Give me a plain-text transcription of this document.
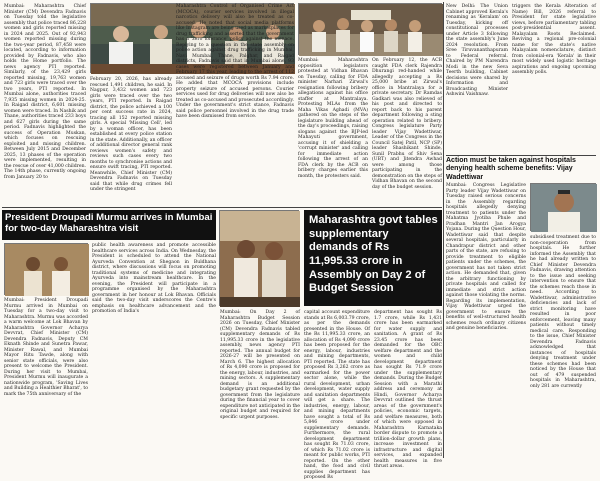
Mumbai: Maharashtra Chief Minister (CM) Devendra Fadnavis on Tuesday told the legislative assembly that police traced 86,228 women and girls reported missing in 2024 and 2025. Out of 92,943 women reported missing during the two-year period, 87,458 were located, according to information provided by Fadnavis, who also holds the Home portfolio. The news agency PTI reported. Similarly, of the 23,429 girls reported missing, 19,763 women and 723 girls were traced over the two years, PTI reported. In Mumbai alone, authorities traced 7,935 missing women in 2024-25. In Raigad district, 6,601 missing women were traced. In Nashik and Thane, authorities traced 233 boys and 627 girls during the same period. Fadnavis highlighted the success of Operation Muskan, which focuses on rescuing exploited and missing children. Between July 2015 and December 2025, 13 phases of the operation were implemented, resulting in the rescue of over 41,000 children. The 14th phase, currently ongoing from January 20 to

February 20, 2026, has already rescued 1,491 children, he said. In Nagpur, 3,432 women and 723 girls were traced over the two years, PTI reported. In Raigad district, the police achieved a 100 per cent success rate in 2024, tracing all 152 reported missing girls. A special 'Missing Cell', led by a woman officer, has been established at every police station in the state. Additionally, an officer of additional director general rank reviews women's safety and reviews such cases every two months to synchronise actions and ensure swift tracing, PTI reported. Meanwhile, Chief Minister (CM) Devendra Fadnavis on Tuesday said that while drug crimes fell under the stringent

Maharashtra Control of Organised Crime Act (MCOCA), courier services involved in illegal narcotics delivery will also be treated as co-accused. He noted that social media platforms like Instagram are being used as marketplaces for drug trafficking and asserted that the government has a 'zero tolerance' policy against the menace. Replying to a question in the state assembly on police action against drug trafficking in Mumbai, Navi Mumbai, Thane, Palghar, and Raigad districts, Fadnavis said that in Mumbai alone, 93 cases were registered between January and February 17 this year, leading to the arrest of 112 accused and seizure of drugs worth Rs 7.94 crore. He added that MCOCA provisions include property seizure of accused persons. Courier services used for drug deliveries will now also be treated as co-accused and prosecuted accordingly. Under the government's strict stance, Fadnavis said police personnel involved in the drug trade have been dismissed from service.

Mumbai: Maharashtra opposition legislators protested at Vidhan Bhavan on Tuesday, calling for FDA minister Narhari Zirwal's resignation following bribery allegations against his office staffer at Mantralaya. Protesting MLAs from the Maha Vikas Aghadi (MVA) gathered on the steps of the legislature building ahead of the day's proceedings, raising slogans against the BJP-led Mahayuti government, accusing it of shielding a 'corrupt minister' and calling for immediate action following the arrest of an FDA clerk by the ACB on bribery charges earlier this month, the protesters said.

On February 12, the ACB caught FDA clerk Rajendra Dhurangi red-handed while allegedly accepting a Rs 25,000 bribe at Zirwal's office in Mantralaya for a private secretary. Dr Ramdas Gadkari was also relieved of his post and directed to report back to his parent department following a sting operation related to bribery. Congress legislature Party leader Vijay Wadettiwar, Leader of the Congress in the Council Satej Patil, NCP (SP) leader Shashikant Shinde, Sunil Prabhu of Shiv Sena (UBT) and Jitendra Awhad were among those participating in the demonstration on the steps of Vidhan Bhavan on the second day of the budget session.

New Delhi: The Union Cabinet approved Kerala's renaming as 'Keralam' on Tuesday, kicking off constitutional processes under Article 3 following the state assembly's June 2024 resolution. From Sree Tiruvananthapuram to Federal referral. Chaired by PM Narendra Modi in the new Seva Teerth building, Cabinet decisions were shared by Information and Broadcasting Minister Ashwini Vaishnaw.

triggers the Kerala Alteration of Name) Bill, 2026 referral to President for state legislative views, before parliamentary tabling post-presidential assent. Malayalam Roots Reclaimed. Reviving a regional pre-colonial name for the state's native Malayalam nomenclature, distinct from colonial-era 'Kerala' in their most widely used logistic heritage aspirations and ongoing upcoming assembly polls.

Action must be taken against hospitals denying health scheme benefits: Vijay Wadettiwar

Mumbai: Congress Legislative Party leader Vijay Wadettiwar on Tuesday raised serious concerns in the Assembly regarding hospitals allegedly denying treatment to patients under the Mahatma Jyotiba Phule and Pradhan Mantri Jan Arogya Yojana. During the Question Hour, Wadettiwar said that despite several hospitals, particularly in Chandrapur district and other parts of the state, are refusing to provide treatment to eligible patients under the schemes, the government has not taken strict action. He demanded that, given the arbitrary functioning by private hospitals and called for immediate and strict action against those violating the norms. Regarding its implementation, Vijay Wadettiwar urged the government to ensure the benefits of well-structured health schemes reach ordinary citizens and genuine beneficiaries.

subsidised treatment due to non-cooperation from hospitals. He further informed the Assembly that he had already written to Chief Minister Devendra Fadnavis, drawing attention to the issue and seeking intervention to ensure that the schemes reach those in need. According to Wadettiwar, administrative deficiencies and lack of strict monitoring have resulted in poor enforcement, leaving many patients without timely medical care. Responding to the issue, Chief Minister Devendra Fadnavis acknowledged that instances of hospitals denying treatment under these schemes had been noticed by the House that out of 479 suspended hospitals in Maharashtra, only 281 are currently

President Droupadi Murmu arrives in Mumbai for two-day Maharashtra visit
Maharashtra govt tables supplementary demands of Rs 11,995.33 crore in Assembly on Day 2 of Budget Session

Mumbai: President Droupadi Murmu arrived in Mumbai on Tuesday for a two-day visit to Maharashtra. Murmu was accorded a warm welcome at Lok Bhavan by Maharashtra Governor Acharya Devvrat, Chief Minister (CM) Devendra Fadnavis, Deputy CM Eknath Shinde and Sunetra Pawar, Minister Rawal, and Mumbai Mayor Ritu Tawde, along with senior state officials, were also present to welcome the President. During her visit to Mumbai, President Murmu will inaugurate a nationwide program, 'Saving Lives and Building a Healthier Bharat', to mark the 75th anniversary of the

public health awareness and promote accessible healthcare services across India. On Wednesday, the President is scheduled to attend the National Ayurveda Convention at Shegaon in Buldhana district, where discussions will focus on promoting traditional systems of medicine and integrating Ayurveda into mainstream healthcare. In the evening, the President will participate in a programme organised by the Maharashtra government in her honour at Lok Bhavan. Officials said the two-day visit underscores the Centre's emphasis on healthcare advancement and the promotion of India's	Mumbai: On Day 2 of Maharashtra Budget Session 2026 on Tuesday, Chief Minister (CM) Devendra Fadnavis tabled supplementary demands of Rs 11,995.33 crore in the legislative assembly, news agency PTI reported. The annual budget for 2026-27 will be presented on March 6. The highest allocation of Rs 4,090 crore is proposed for the energy, labour, industries, and mining sectors. A supplementary demand is an additional budgetary grant requested by the government from the legislature during the financial year to cover expenditure not anticipated in the original budget and required for specific urgent purposes.

capital account expenditure stands at Rs 6,003.79 crore, as per the demands presented in the House. Of the Rs 11,995.33 crore, an allocation of Rs 4,090 crore has been proposed for the energy, labour, industries and mining departments, PTI reported. The state has proposed Rs 3,262 crore as earmarked for the power sector alone, while the rural development, urban development, water supply and sanitation departments will get a share. The industries, energy, labour, and mining departments have sought a total of Rs 5,846 crore under supplementary demands. Furthermore, the rural development department has sought Rs 71.03 crore, of which Rs 71.02 crore is meant for public works, PTI reported. On the other hand, the food and civil supplies department has proposed Rs

department has sought Rs 1.7 crore, while Rs 1,431 crore has been earmarked for water supply and sanitation. A grant of Rs 23.45 crore has been demanded for the OBC welfare department and the women and child development department has sought Rs 71.9 crore under the supplementary demands. During the Budget Session with a Marathi address and ceremony at Hindi, Governor Acharya Devvrat outlined the thrust areas of the government's policies, economic targets, and welfare measures, both of which were opposed in Maharashtra Karnataka border dispute to promote a trillion-dollar growth plans, increase investment in infrastructure and digital services, and expanded health measures in five thrust areas.
